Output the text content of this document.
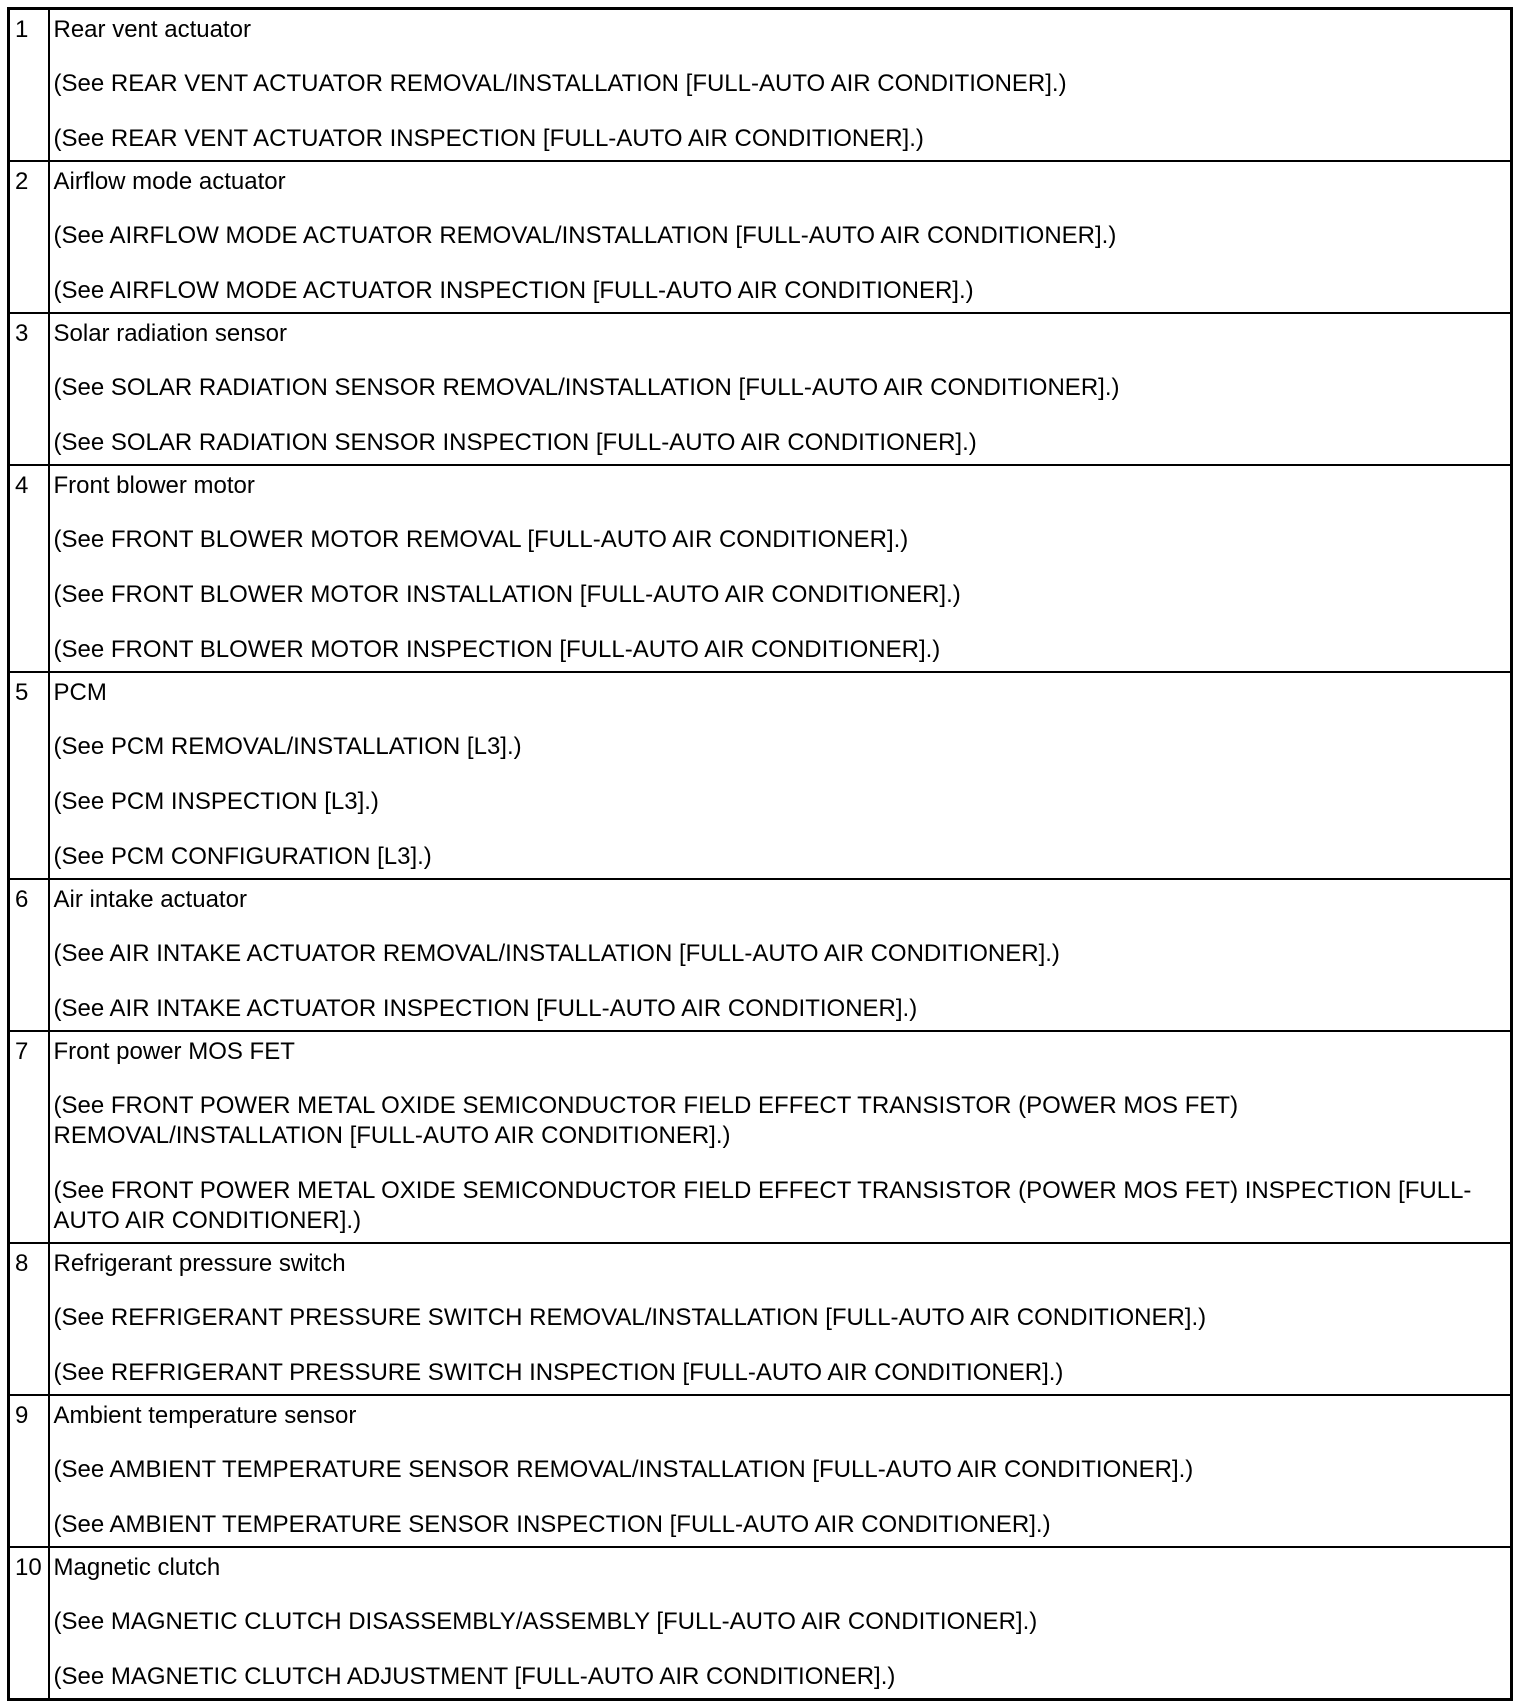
1	Rear vent actuator

(See REAR VENT ACTUATOR REMOVAL/INSTALLATION [FULL-AUTO AIR CONDITIONER].)

(See REAR VENT ACTUATOR INSPECTION [FULL-AUTO AIR CONDITIONER].)

2	Airflow mode actuator

(See AIRFLOW MODE ACTUATOR REMOVAL/INSTALLATION [FULL-AUTO AIR CONDITIONER].)

(See AIRFLOW MODE ACTUATOR INSPECTION [FULL-AUTO AIR CONDITIONER].)

3	Solar radiation sensor

(See SOLAR RADIATION SENSOR REMOVAL/INSTALLATION [FULL-AUTO AIR CONDITIONER].)

(See SOLAR RADIATION SENSOR INSPECTION [FULL-AUTO AIR CONDITIONER].)

4	Front blower motor

(See FRONT BLOWER MOTOR REMOVAL [FULL-AUTO AIR CONDITIONER].)

(See FRONT BLOWER MOTOR INSTALLATION [FULL-AUTO AIR CONDITIONER].)

(See FRONT BLOWER MOTOR INSPECTION [FULL-AUTO AIR CONDITIONER].)

5	PCM

(See PCM REMOVAL/INSTALLATION [L3].)

(See PCM INSPECTION [L3].)

(See PCM CONFIGURATION [L3].)

6	Air intake actuator

(See AIR INTAKE ACTUATOR REMOVAL/INSTALLATION [FULL-AUTO AIR CONDITIONER].)

(See AIR INTAKE ACTUATOR INSPECTION [FULL-AUTO AIR CONDITIONER].)

7	Front power MOS FET

(See FRONT POWER METAL OXIDE SEMICONDUCTOR FIELD EFFECT TRANSISTOR (POWER MOS FET) REMOVAL/INSTALLATION [FULL-AUTO AIR CONDITIONER].)

(See FRONT POWER METAL OXIDE SEMICONDUCTOR FIELD EFFECT TRANSISTOR (POWER MOS FET) INSPECTION [FULL-AUTO AIR CONDITIONER].)

8	Refrigerant pressure switch

(See REFRIGERANT PRESSURE SWITCH REMOVAL/INSTALLATION [FULL-AUTO AIR CONDITIONER].)

(See REFRIGERANT PRESSURE SWITCH INSPECTION [FULL-AUTO AIR CONDITIONER].)

9	Ambient temperature sensor

(See AMBIENT TEMPERATURE SENSOR REMOVAL/INSTALLATION [FULL-AUTO AIR CONDITIONER].)

(See AMBIENT TEMPERATURE SENSOR INSPECTION [FULL-AUTO AIR CONDITIONER].)

10	Magnetic clutch

(See MAGNETIC CLUTCH DISASSEMBLY/ASSEMBLY [FULL-AUTO AIR CONDITIONER].)

(See MAGNETIC CLUTCH ADJUSTMENT [FULL-AUTO AIR CONDITIONER].)
